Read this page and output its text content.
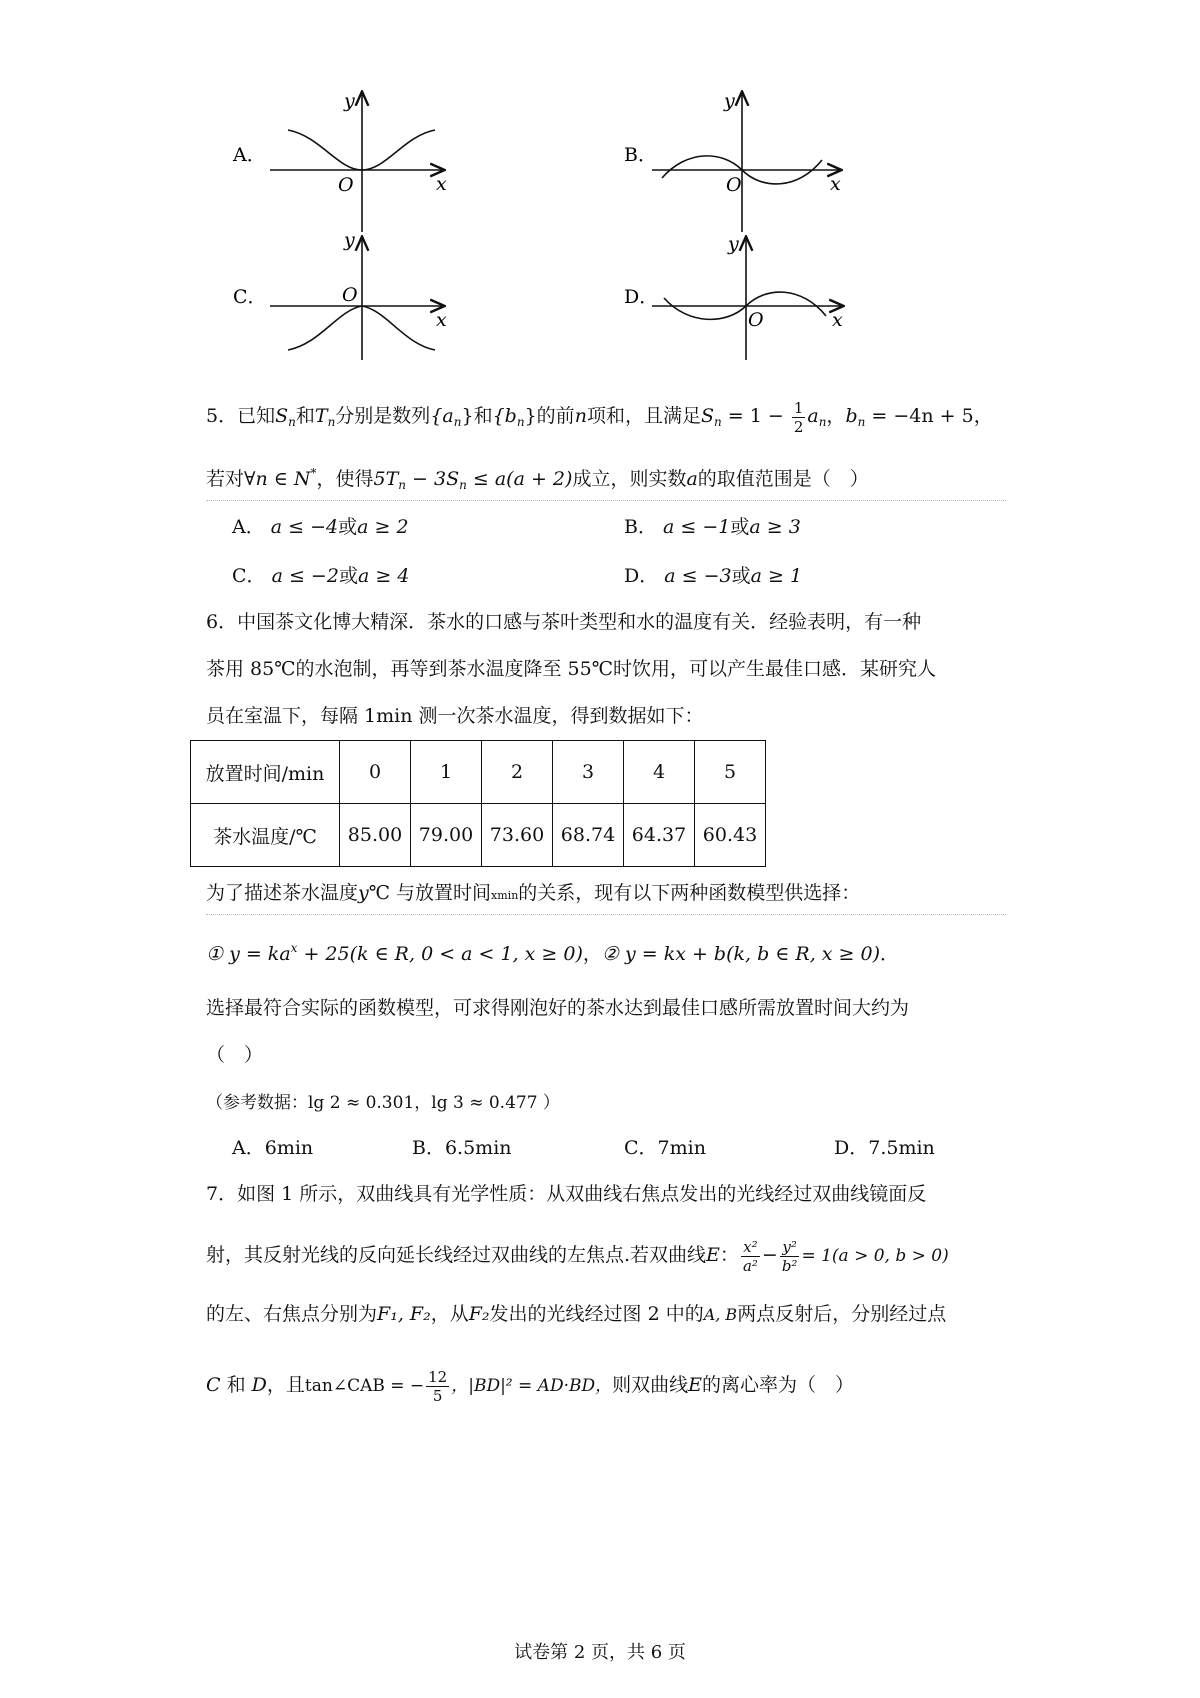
A．
y
x
O
B．
y
x
O
C．
y
x
O	D．
y
x
O
5．已知$S_n$和$T_n$分别是数列$\{a_n\}$和$\{b_n\}$的前n项和，且满足$S_n = 1 - \frac{1}{2} a_n$，$b_n = -4n + 5$，
若对∀n ∈ N*，使得$5T_n - 3S_n \le a(a + 2)$成立，则实数a的取值范围是（　）
A． a ≤ −4或a ≥ 2	B． a ≤ −1或a ≥ 3
C． a ≤ −2或a ≥ 4	D． a ≤ −3或a ≥ 1
6．中国茶文化博大精深．茶水的口感与茶叶类型和水的温度有关．经验表明，有一种
茶用 85℃的水泡制，再等到茶水温度降至 55℃时饮用，可以产生最佳口感．某研究人
员在室温下，每隔 1min 测一次茶水温度，得到数据如下：
放置时间/min	0	1	2	3	4	5
茶水温度/℃	85.00	79.00	73.60	68.74	64.37	60.43
为了描述茶水温度y℃ 与放置时间xmin的关系，现有以下两种函数模型供选择：
① $y = ka^x + 25(k$ ∈ R, 0 < a < 1, x ≥ 0)，② y = kx + b(k, b ∈ R, x ≥ 0)．
选择最符合实际的函数模型，可求得刚泡好的茶水达到最佳口感所需放置时间大约为
（　）
（参考数据：lg 2 ≈ 0.301，lg 3 ≈ 0.477 ）
A．6min	B．6.5min	C．7min	D．7.5min
7．如图 1 所示，双曲线具有光学性质：从双曲线右焦点发出的光线经过双曲线镜面反
射，其反射光线的反向延长线经过双曲线的左焦点.若双曲线E： $\frac{\text{x²}}{\text{a²}} - \frac{\text{y²}}{\text{b²}} = 1(a > 0$, b > 0)
的左、右焦点分别为F₁, F₂，从F₂发出的光线经过图 2 中的A, B两点反射后，分别经过点
C 和 D，且tan∠CAB = − $\frac{12}{5}$ ，|BD|² = AD·BD，则双曲线E的离心率为（　）
试卷第 2 页，共 6 页
